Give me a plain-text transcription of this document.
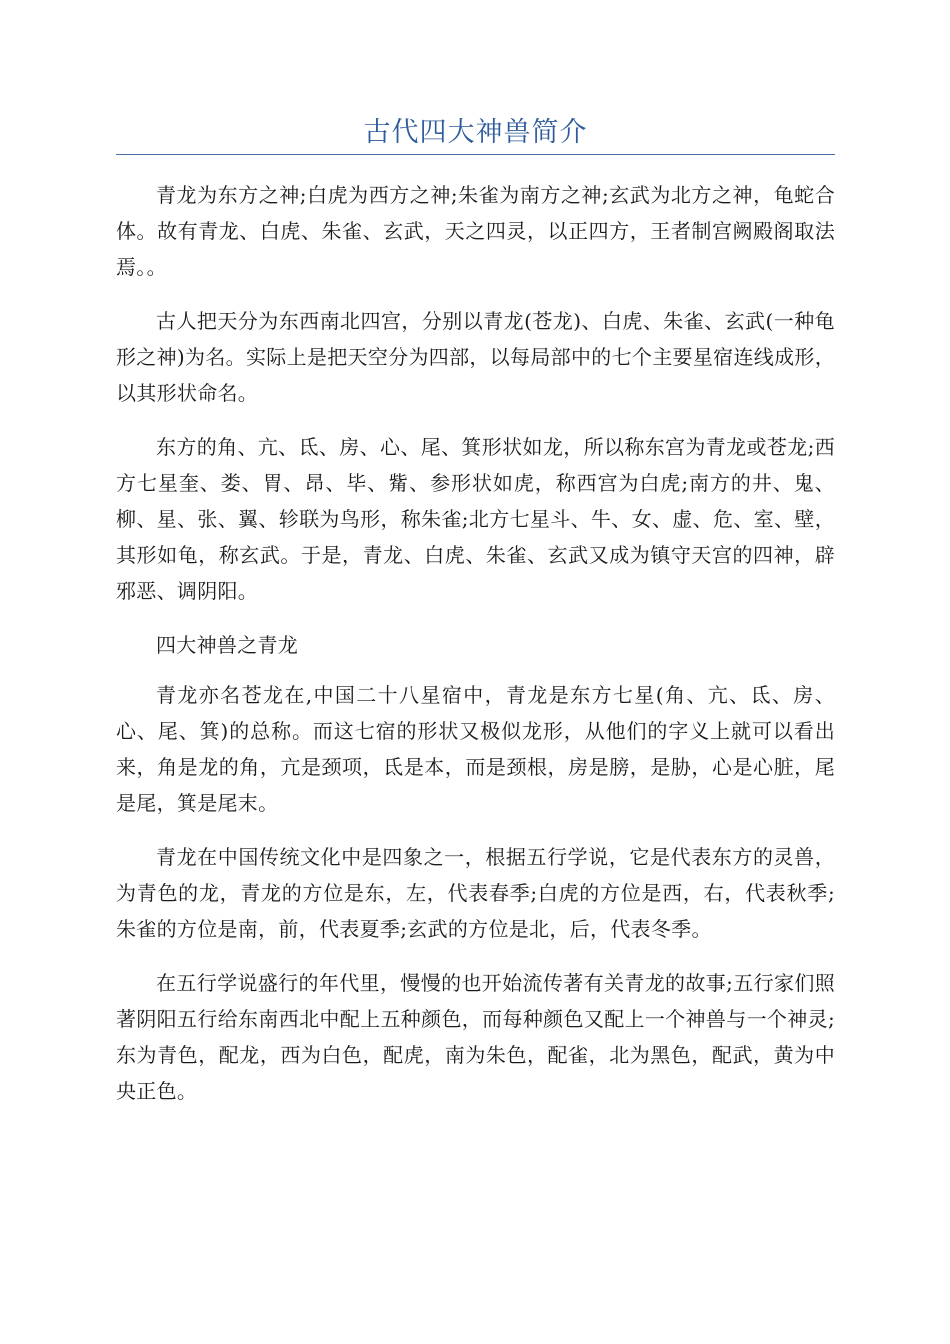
古代四大神兽简介

青龙为东方之神;白虎为西方之神;朱雀为南方之神;玄武为北方之神，龟蛇合体。故有青龙、白虎、朱雀、玄武，天之四灵，以正四方，王者制宫阙殿阁取法焉。。

古人把天分为东西南北四宫，分别以青龙(苍龙)、白虎、朱雀、玄武(一种龟形之神)为名。实际上是把天空分为四部，以每局部中的七个主要星宿连线成形，以其形状命名。

东方的角、亢、氐、房、心、尾、箕形状如龙，所以称东宫为青龙或苍龙;西方七星奎、娄、胃、昂、毕、觜、参形状如虎，称西宫为白虎;南方的井、鬼、柳、星、张、翼、轸联为鸟形，称朱雀;北方七星斗、牛、女、虚、危、室、壁，其形如龟，称玄武。于是，青龙、白虎、朱雀、玄武又成为镇守天宫的四神，辟邪恶、调阴阳。

四大神兽之青龙

青龙亦名苍龙在,中国二十八星宿中，青龙是东方七星(角、亢、氐、房、心、尾、箕)的总称。而这七宿的形状又极似龙形，从他们的字义上就可以看出来，角是龙的角，亢是颈项，氐是本，而是颈根，房是膀，是胁，心是心脏，尾是尾，箕是尾末。

青龙在中国传统文化中是四象之一，根据五行学说，它是代表东方的灵兽，为青色的龙，青龙的方位是东，左，代表春季;白虎的方位是西，右，代表秋季;朱雀的方位是南，前，代表夏季;玄武的方位是北，后，代表冬季。

在五行学说盛行的年代里，慢慢的也开始流传著有关青龙的故事;五行家们照著阴阳五行给东南西北中配上五种颜色，而每种颜色又配上一个神兽与一个神灵;东为青色，配龙，西为白色，配虎，南为朱色，配雀，北为黑色，配武，黄为中央正色。
